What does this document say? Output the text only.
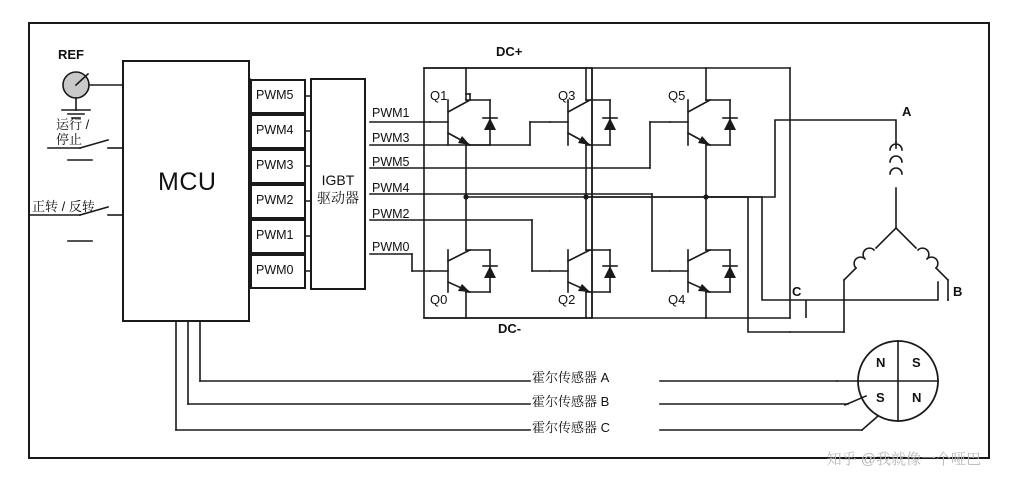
MCU	IGBT
驱动器
REF
运行 /
停止
正转 / 反转
PWM5
PWM4
PWM3
PWM2
PWM1
PWM0
PWM1
PWM3
PWM5
PWM4
PWM2
PWM0
DC+
DC-
Q1	Q3	Q5
Q0	Q2	Q4
A
B
C
N S
S N
霍尔传感器 A
霍尔传感器 B
霍尔传感器 C
知乎 @我就像一个哑巴
